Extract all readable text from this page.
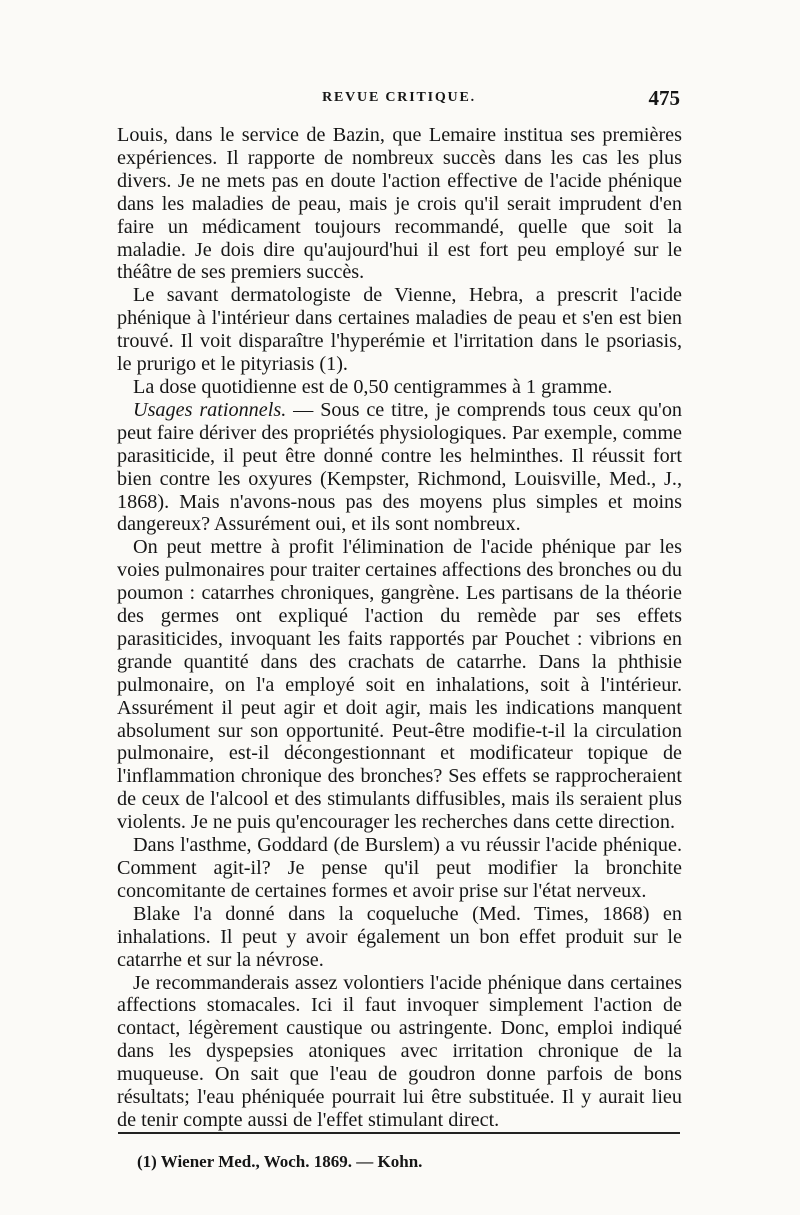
REVUE CRITIQUE.	475

Louis, dans le service de Bazin, que Lemaire institua ses premières expériences. Il rapporte de nombreux succès dans les cas les plus divers. Je ne mets pas en doute l'action effective de l'acide phénique dans les maladies de peau, mais je crois qu'il serait imprudent d'en faire un médicament toujours recommandé, quelle que soit la maladie. Je dois dire qu'aujourd'hui il est fort peu employé sur le théâtre de ses premiers succès.

Le savant dermatologiste de Vienne, Hebra, a prescrit l'acide phénique à l'intérieur dans certaines maladies de peau et s'en est bien trouvé. Il voit disparaître l'hyperémie et l'irritation dans le psoriasis, le prurigo et le pityriasis (1).

La dose quotidienne est de 0,50 centigrammes à 1 gramme.

Usages rationnels. — Sous ce titre, je comprends tous ceux qu'on peut faire dériver des propriétés physiologiques. Par exemple, comme parasiticide, il peut être donné contre les helminthes. Il réussit fort bien contre les oxyures (Kempster, Richmond, Louisville, Med., J., 1868). Mais n'avons-nous pas des moyens plus simples et moins dangereux? Assurément oui, et ils sont nombreux.

On peut mettre à profit l'élimination de l'acide phénique par les voies pulmonaires pour traiter certaines affections des bronches ou du poumon : catarrhes chroniques, gangrène. Les partisans de la théorie des germes ont expliqué l'action du remède par ses effets parasiticides, invoquant les faits rapportés par Pouchet : vibrions en grande quantité dans des crachats de catarrhe. Dans la phthisie pulmonaire, on l'a employé soit en inhalations, soit à l'intérieur. Assurément il peut agir et doit agir, mais les indications manquent absolument sur son opportunité. Peut-être modifie-t-il la circulation pulmonaire, est-il décongestionnant et modificateur topique de l'inflammation chronique des bronches? Ses effets se rapprocheraient de ceux de l'alcool et des stimulants diffusibles, mais ils seraient plus violents. Je ne puis qu'encourager les recherches dans cette direction.

Dans l'asthme, Goddard (de Burslem) a vu réussir l'acide phénique. Comment agit-il? Je pense qu'il peut modifier la bronchite concomitante de certaines formes et avoir prise sur l'état nerveux.

Blake l'a donné dans la coqueluche (Med. Times, 1868) en inhalations. Il peut y avoir également un bon effet produit sur le catarrhe et sur la névrose.

Je recommanderais assez volontiers l'acide phénique dans certaines affections stomacales. Ici il faut invoquer simplement l'action de contact, légèrement caustique ou astringente. Donc, emploi indiqué dans les dyspepsies atoniques avec irritation chronique de la muqueuse. On sait que l'eau de goudron donne parfois de bons résultats; l'eau phéniquée pourrait lui être substituée. Il y aurait lieu de tenir compte aussi de l'effet stimulant direct.

(1) Wiener Med., Woch. 1869. — Kohn.
